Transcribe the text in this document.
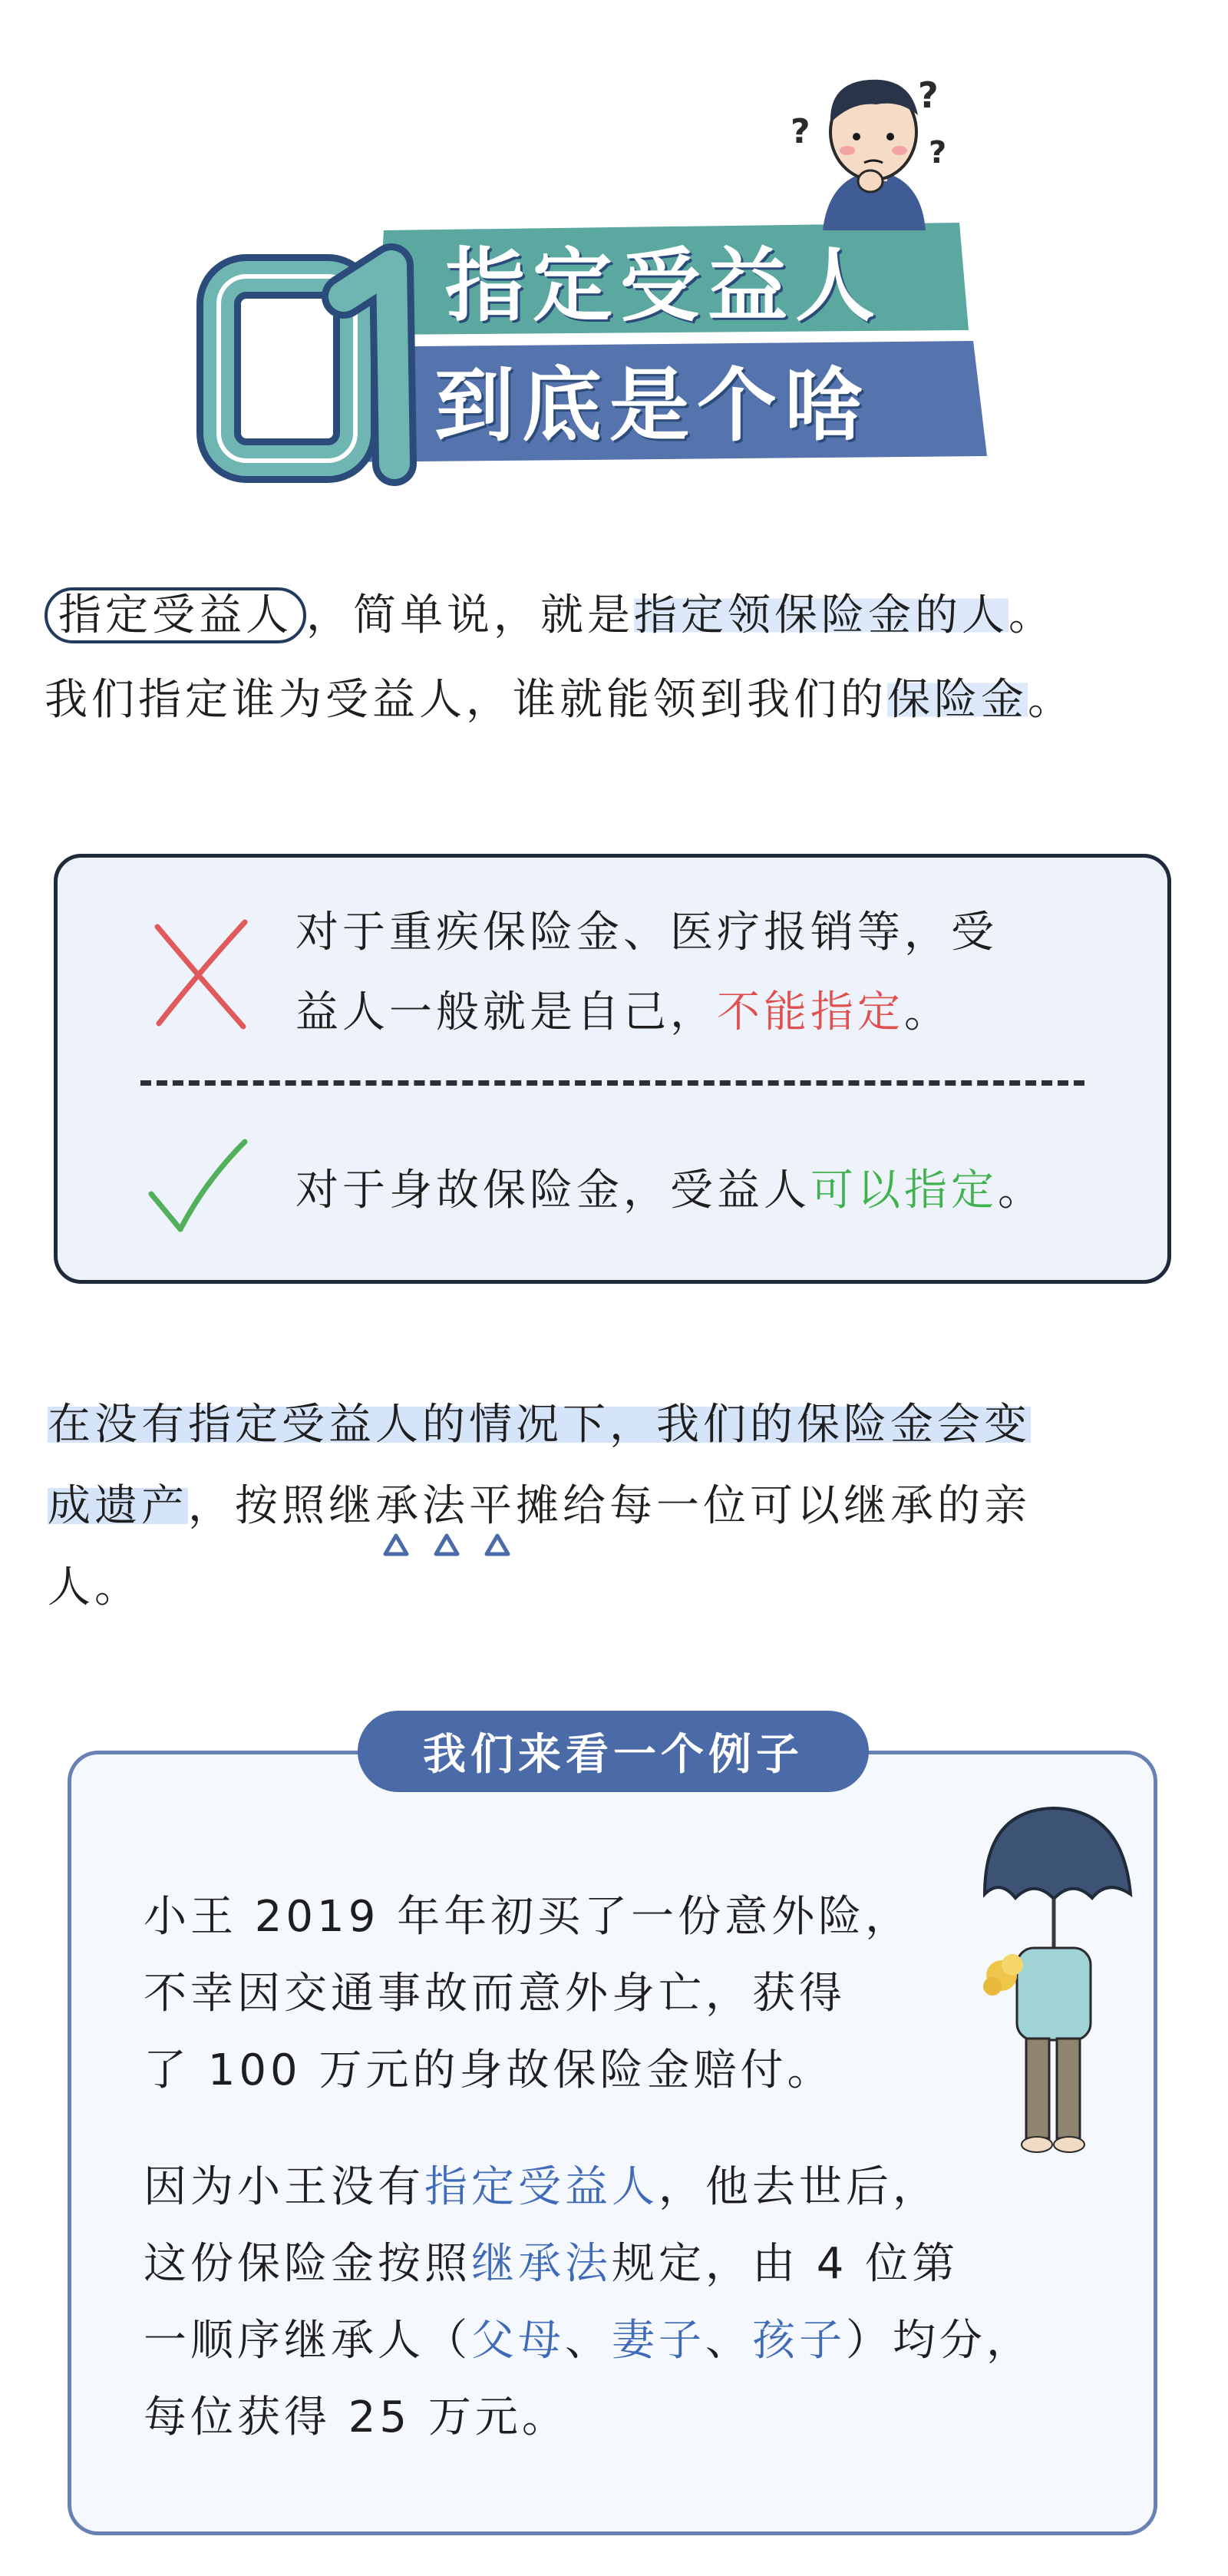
?
?
?
指定受益人
到底是个啥
指定受益人 ，简单说，就是指定领保险金的人。
我们指定谁为受益人，谁就能领到我们的保险金。
对于重疾保险金、医疗报销等，受
益人一般就是自己，不能指定。
对于身故保险金，受益人可以指定。
在没有指定受益人的情况下，我们的保险金会变
成遗产，按照继承法平摊给每一位可以继承的亲
人。
小王 2019 年年初买了一份意外险，
不幸因交通事故而意外身亡，获得
了 100 万元的身故保险金赔付。
因为小王没有指定受益人，他去世后，
这份保险金按照继承法规定，由 4 位第
一顺序继承人（父母、妻子、孩子）均分，
每位获得 25 万元。
我们来看一个例子
